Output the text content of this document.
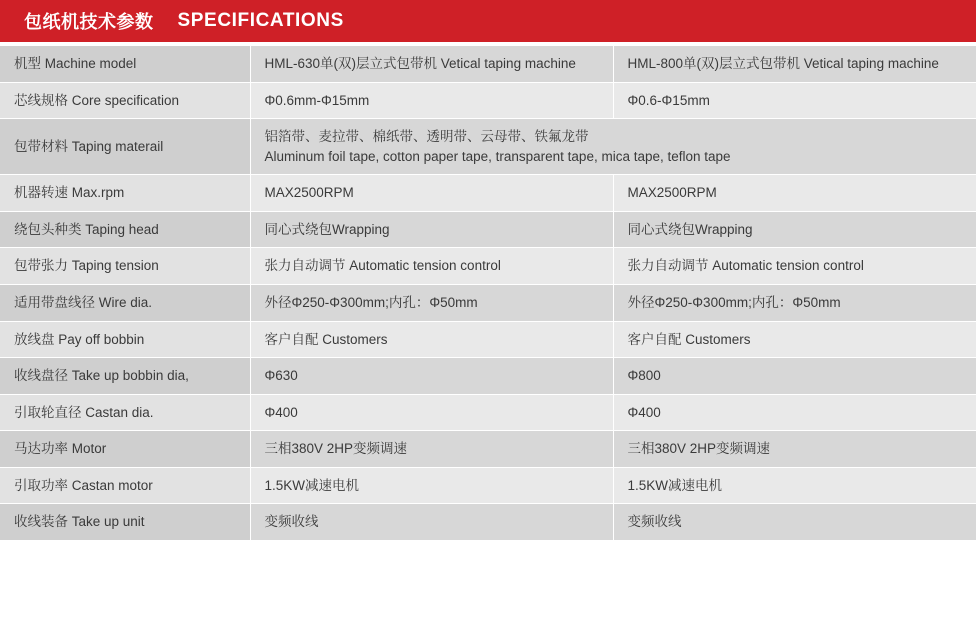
包纸机技术参数 SPECIFICATIONS
机型 Machine model	HML-630单(双)层立式包带机 Vetical taping machine	HML-800单(双)层立式包带机 Vetical taping machine
芯线规格 Core specification	Φ0.6mm-Φ15mm	Φ0.6-Φ15mm
包带材料 Taping materail	铝箔带、麦拉带、棉纸带、透明带、云母带、铁氟龙带
Aluminum foil tape, cotton paper tape, transparent tape, mica tape, teflon tape	

机器转速 Max.rpm	MAX2500RPM	MAX2500RPM
绕包头种类 Taping head	同心式绕包Wrapping	同心式绕包Wrapping
包带张力 Taping tension	张力自动调节 Automatic tension control	张力自动调节 Automatic tension control
适用带盘线径 Wire dia.	外径Φ250-Φ300mm;内孔：Φ50mm	外径Φ250-Φ300mm;内孔：Φ50mm
放线盘 Pay off bobbin	客户自配 Customers	客户自配 Customers
收线盘径 Take up bobbin dia,	Φ630	Φ800
引取轮直径 Castan dia.	Φ400	Φ400
马达功率 Motor	三相380V 2HP变频调速	三相380V 2HP变频调速
引取功率 Castan motor	1.5KW减速电机	1.5KW减速电机
收线装备 Take up unit	变频收线	变频收线
